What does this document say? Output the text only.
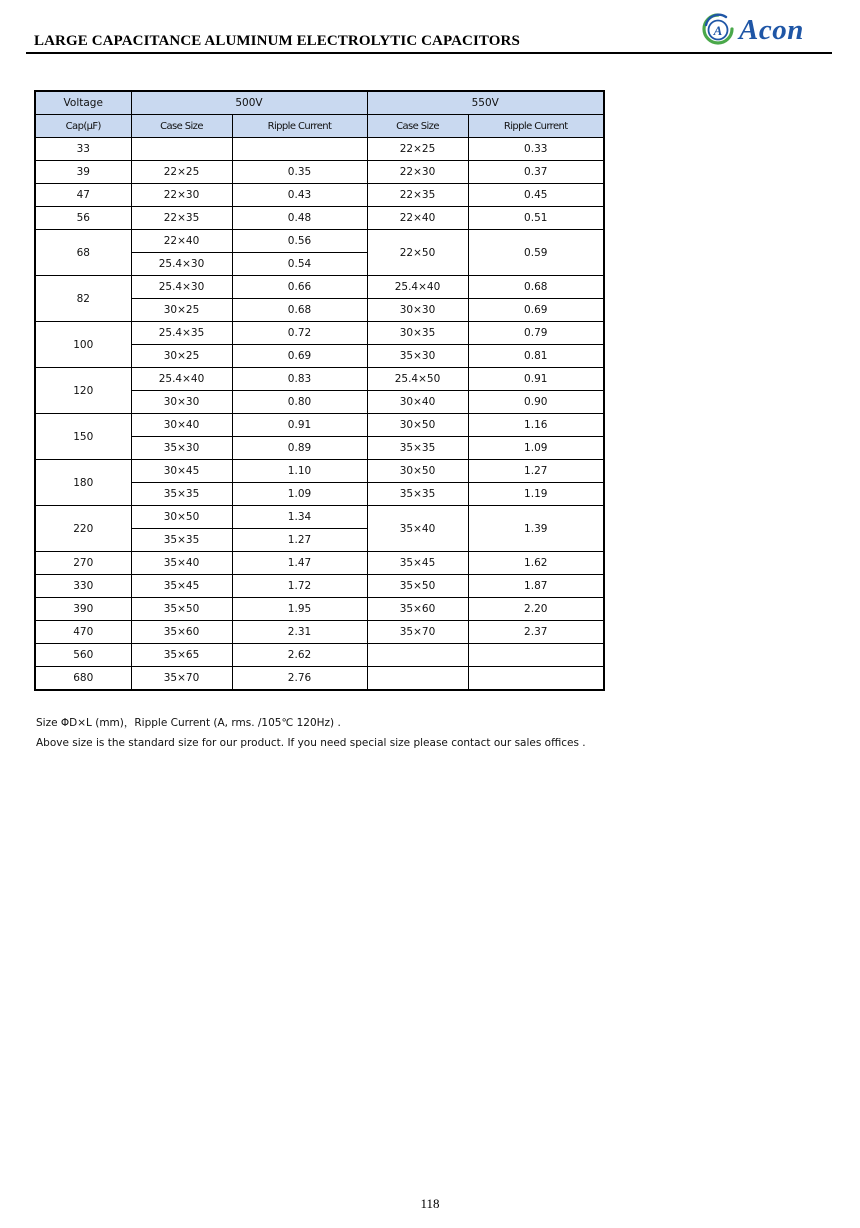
LARGE CAPACITANCE ALUMINUM ELECTROLYTIC CAPACITORS
A Acon
Voltage	500V		550V	
Cap(μF)	Case Size	Ripple Current	Case Size	Ripple Current
33			22×25	0.33
39	22×25	0.35	22×30	0.37
47	22×30	0.43	22×35	0.45
56	22×35	0.48	22×40	0.51
68	22×40	0.56	22×50	0.59
	25.4×30	0.54		
82	25.4×30	0.66	25.4×40	0.68
	30×25	0.68	30×30	0.69
100	25.4×35	0.72	30×35	0.79
	30×25	0.69	35×30	0.81
120	25.4×40	0.83	25.4×50	0.91
	30×30	0.80	30×40	0.90
150	30×40	0.91	30×50	1.16
	35×30	0.89	35×35	1.09
180	30×45	1.10	30×50	1.27
	35×35	1.09	35×35	1.19
220	30×50	1.34	35×40	1.39
	35×35	1.27		
270	35×40	1.47	35×45	1.62
330	35×45	1.72	35×50	1.87
390	35×50	1.95	35×60	2.20
470	35×60	2.31	35×70	2.37
560	35×65	2.62		
680	35×70	2.76		
Size ΦD×L (mm)，Ripple Current (A, rms. /105℃ 120Hz) .
Above size is the standard size for our product. If you need special size please contact our sales offices .
118
